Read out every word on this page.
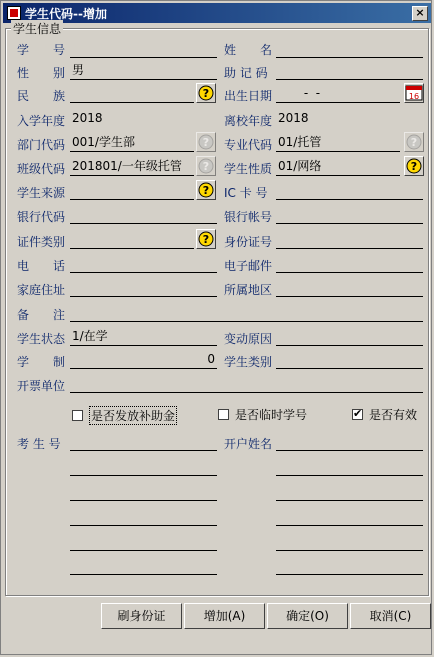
学生代码--增加	×
学生信息
学　　号	姓　　名
性　　别 男	助 记 码
民　　族	? 出生日期	-  -	16
入学年度 2018	离校年度 2018
部门代码 001/学生部	? 专业代码 01/托管	?
班级代码 201801/一年级托管	? 学生性质 01/网络	?
学生来源	? IC 卡 号
银行代码	银行帐号
证件类别	? 身份证号
电　　话	电子邮件
家庭住址	所属地区
备　　注
学生状态 1/在学	变动原因
学　　制	0 学生类别
开票单位
是否发放补助金	是否临时学号
✔	是否有效
考 生 号	开户姓名
刷身份证	增加(A)	确定(O)	取消(C)
